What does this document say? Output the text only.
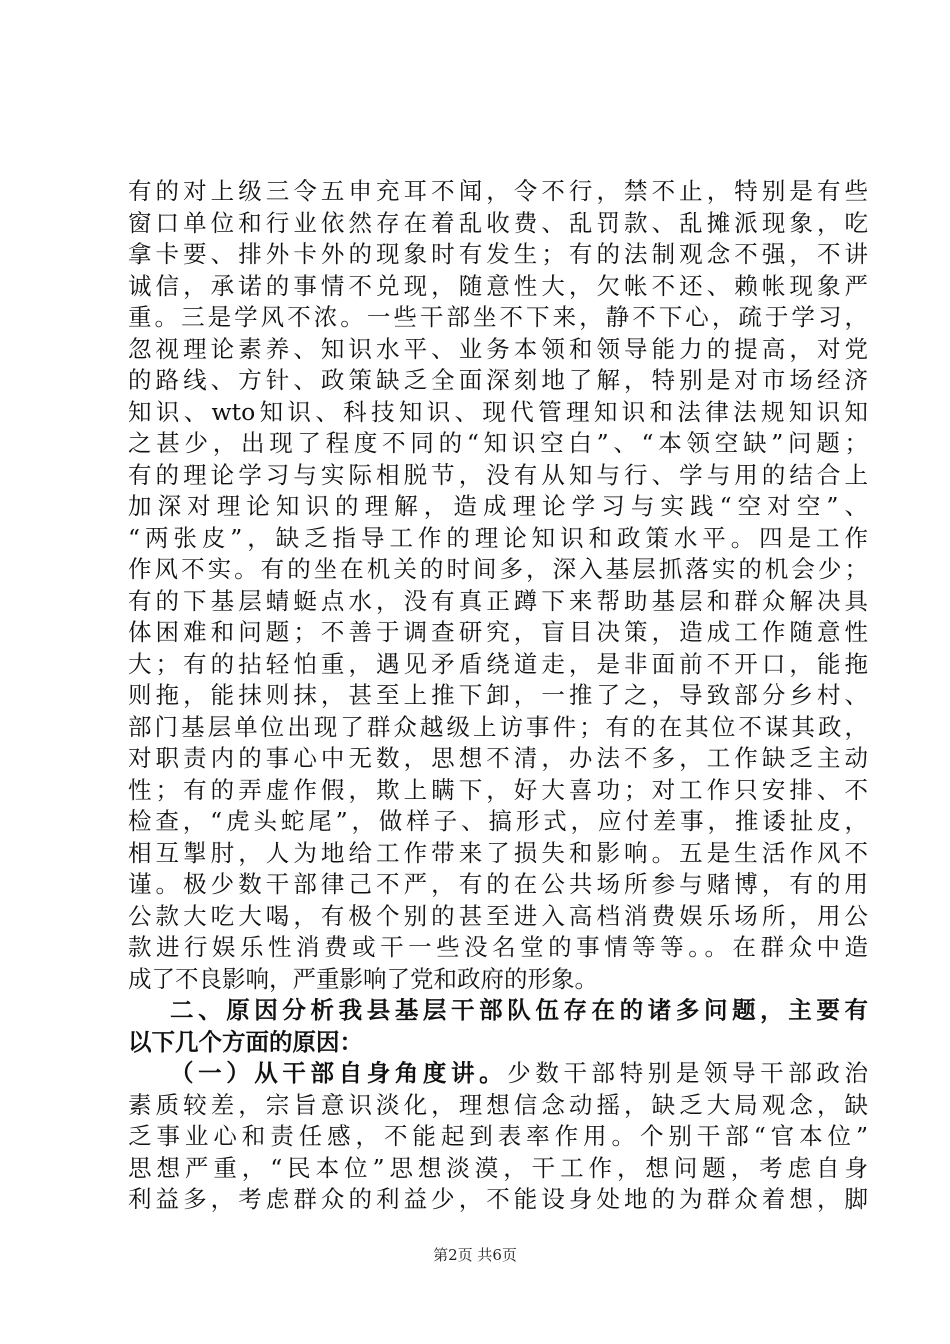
有的对上级三令五申充耳不闻，令不行，禁不止，特别是有些
窗口单位和行业依然存在着乱收费、乱罚款、乱摊派现象，吃
拿卡要、排外卡外的现象时有发生；有的法制观念不强，不讲
诚信，承诺的事情不兑现，随意性大，欠帐不还、赖帐现象严
重。三是学风不浓。一些干部坐不下来，静不下心，疏于学习，
忽视理论素养、知识水平、业务本领和领导能力的提高，对党
的路线、方针、政策缺乏全面深刻地了解，特别是对市场经济
知识、wto知识、科技知识、现代管理知识和法律法规知识知
之甚少，出现了程度不同的“知识空白”、“本领空缺”问题；
有的理论学习与实际相脱节，没有从知与行、学与用的结合上
加深对理论知识的理解，造成理论学习与实践“空对空”、
“两张皮”，缺乏指导工作的理论知识和政策水平。四是工作
作风不实。有的坐在机关的时间多，深入基层抓落实的机会少；
有的下基层蜻蜓点水，没有真正蹲下来帮助基层和群众解决具
体困难和问题；不善于调查研究，盲目决策，造成工作随意性
大；有的拈轻怕重，遇见矛盾绕道走，是非面前不开口，能拖
则拖，能抹则抹，甚至上推下卸，一推了之，导致部分乡村、
部门基层单位出现了群众越级上访事件；有的在其位不谋其政，
对职责内的事心中无数，思想不清，办法不多，工作缺乏主动
性；有的弄虚作假，欺上瞒下，好大喜功；对工作只安排、不
检查，“虎头蛇尾”，做样子、搞形式，应付差事，推诿扯皮，
相互掣肘，人为地给工作带来了损失和影响。五是生活作风不
谨。极少数干部律己不严，有的在公共场所参与赌博，有的用
公款大吃大喝，有极个别的甚至进入高档消费娱乐场所，用公
款进行娱乐性消费或干一些没名堂的事情等等。。在群众中造
成了不良影响，严重影响了党和政府的形象。
二、原因分析我县基层干部队伍存在的诸多问题，主要有
以下几个方面的原因：
（一）从干部自身角度讲。少数干部特别是领导干部政治
素质较差，宗旨意识淡化，理想信念动摇，缺乏大局观念，缺
乏事业心和责任感，不能起到表率作用。个别干部“官本位”
思想严重，“民本位”思想淡漠，干工作，想问题，考虑自身
利益多，考虑群众的利益少，不能设身处地的为群众着想，脚
第2页 共6页
